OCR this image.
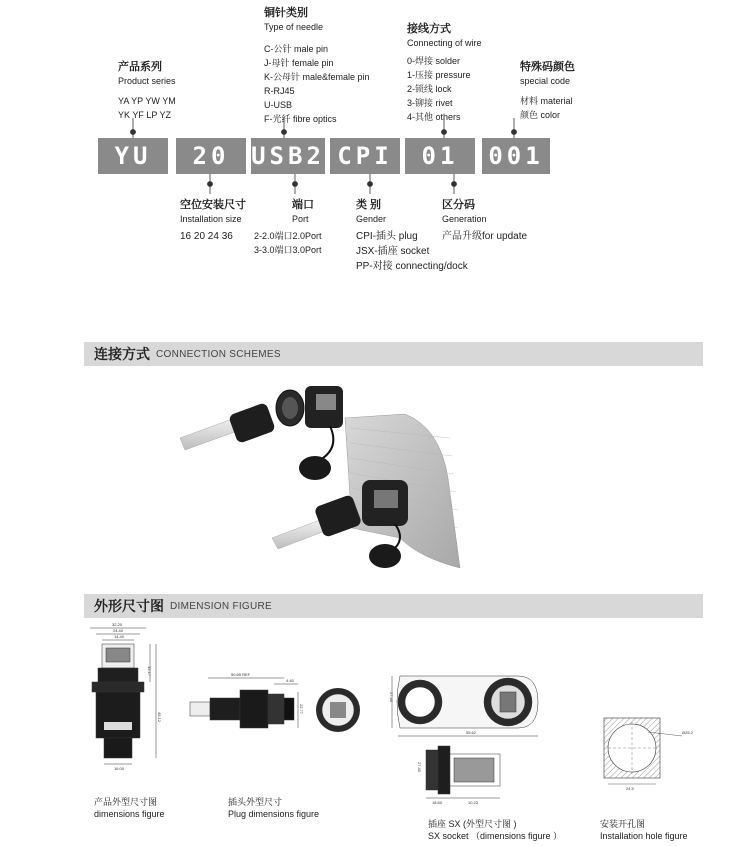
铜针类别
Type of needle
C-公针 male pin
J-母针 female pin
K-公母针 male&female pin
R-RJ45
U-USB
F-光纤 fibre optics
产品系列
Product series
YA YP YW YM
YK YF LP YZ
接线方式
Connecting of wire
0-焊接 solder
1-压接 pressure
2-锁线 lock
3-铆接 rivet
4-其他 others
特殊码颜色
special code
材料 material
颜色 color
YU	20 USB2 CPI	01	001
空位安装尺寸
Installation size
16 20 24 36
端口
Port
2-2.0端口2.0Port
3-3.0端口3.0Port
类 别
Gender
CPI-插头 plug
JSX-插座 socket
PP-对接 connecting/dock
区分码
Generation
产品升级for update
连接方式 CONNECTION SCHEMES
外形尺寸图 DIMENSION FIGURE
32.20
24.40
14.40
16.00
12.17
45.12
产品外型尺寸图
dimensions figure
50.65 REF
4.45
22.77
插头外型尺寸
Plug dimensions figure
55.62
27.40
18.60	10.23
27.40
插座 SX (外型尺寸图 )
SX socket （dimensions figure ）
Ø25.2
24.5
安装开孔图
Installation hole figure
